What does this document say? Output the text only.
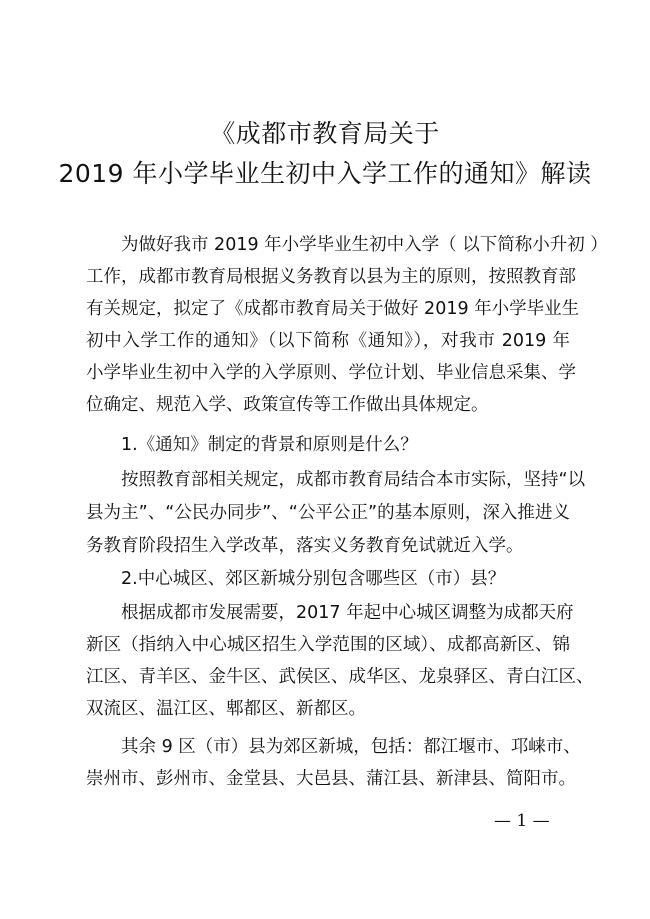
《成都市教育局关于
2019 年小学毕业生初中入学工作的通知》解读
为做好我市 2019 年小学毕业生初中入学（ 以下简称小升初 ）
工作，成都市教育局根据义务教育以县为主的原则，按照教育部
有关规定，拟定了《成都市教育局关于做好 2019 年小学毕业生
初中入学工作的通知》（以下简称《通知》），对我市 2019 年
小学毕业生初中入学的入学原则、学位计划、毕业信息采集、学
位确定、规范入学、政策宣传等工作做出具体规定。
1.《通知》制定的背景和原则是什么？
按照教育部相关规定，成都市教育局结合本市实际，坚持“以
县为主”、“公民办同步”、“公平公正”的基本原则，深入推进义
务教育阶段招生入学改革，落实义务教育免试就近入学。
2.中心城区、郊区新城分别包含哪些区（市）县？
根据成都市发展需要，2017 年起中心城区调整为成都天府
新区（指纳入中心城区招生入学范围的区域）、成都高新区、锦
江区、青羊区、金牛区、武侯区、成华区、龙泉驿区、青白江区、
双流区、温江区、郫都区、新都区。
其余 9 区（市）县为郊区新城，包括：都江堰市、邛崃市、
崇州市、彭州市、金堂县、大邑县、蒲江县、新津县、简阳市。
— 1 —
